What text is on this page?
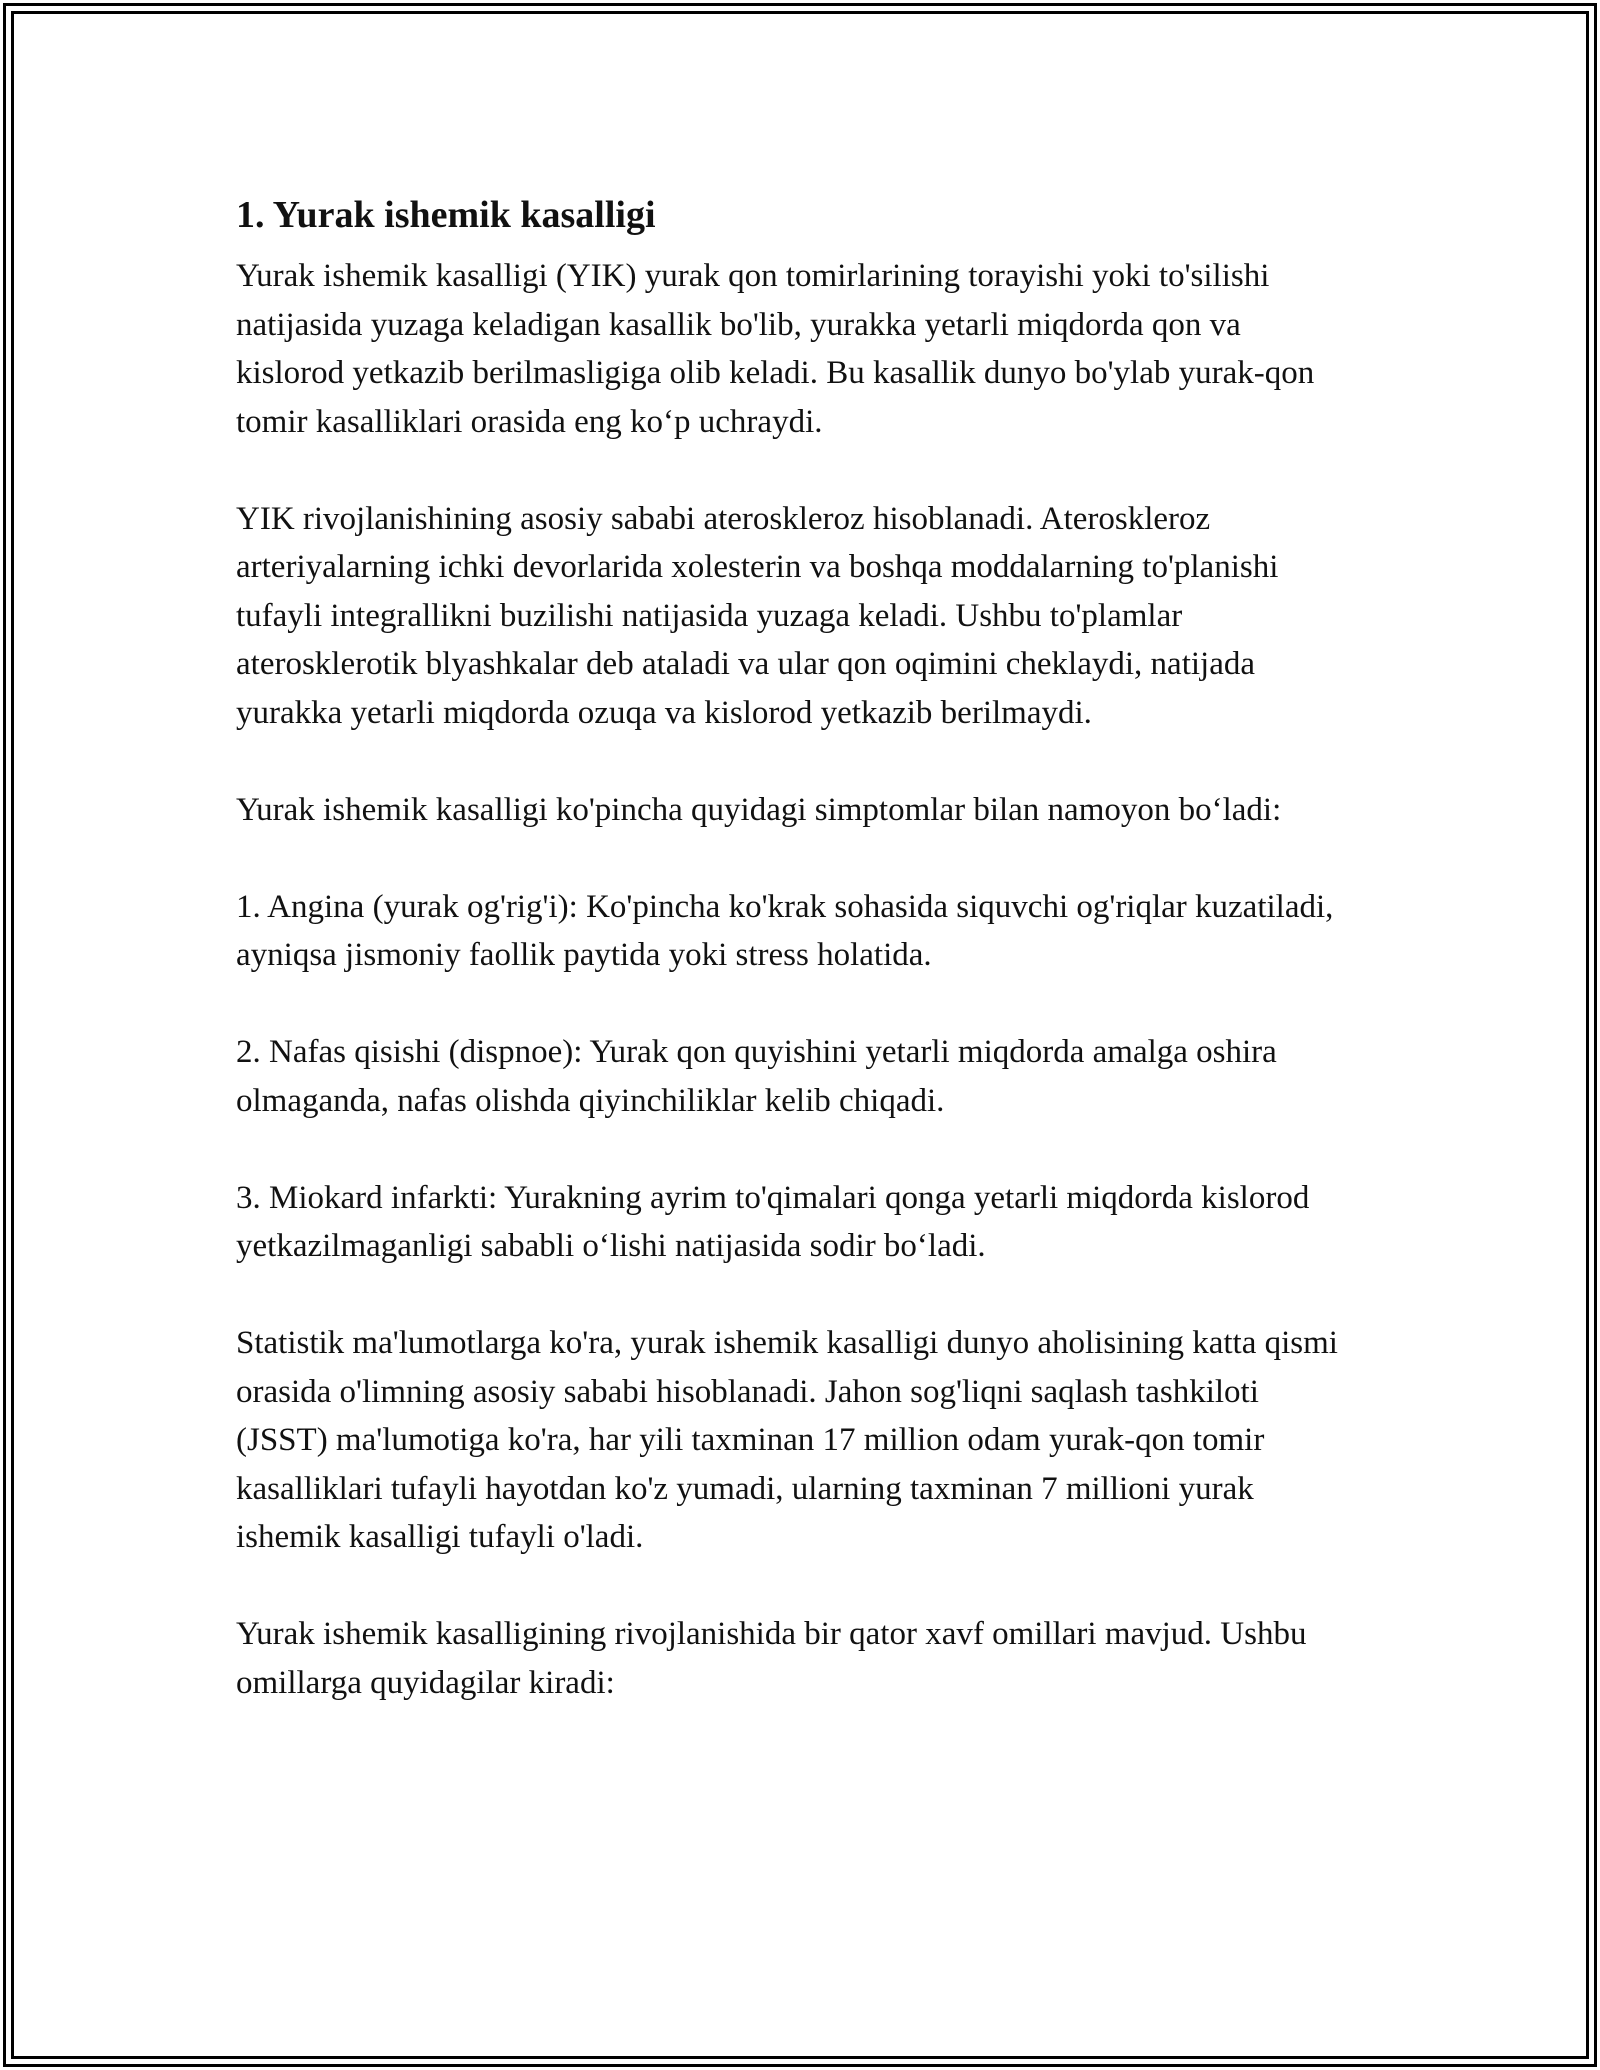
1. Yurak ishemik kasalligi

Yurak ishemik kasalligi (YIK) yurak qon tomirlarining torayishi yoki to'silishi natijasida yuzaga keladigan kasallik bo'lib, yurakka yetarli miqdorda qon va kislorod yetkazib berilmasligiga olib keladi. Bu kasallik dunyo bo'ylab yurak-qon tomir kasalliklari orasida eng ko‘p uchraydi.

YIK rivojlanishining asosiy sababi ateroskleroz hisoblanadi. Ateroskleroz arteriyalarning ichki devorlarida xolesterin va boshqa moddalarning to'planishi tufayli integrallikni buzilishi natijasida yuzaga keladi. Ushbu to'plamlar aterosklerotik blyashkalar deb ataladi va ular qon oqimini cheklaydi, natijada yurakka yetarli miqdorda ozuqa va kislorod yetkazib berilmaydi.

Yurak ishemik kasalligi ko'pincha quyidagi simptomlar bilan namoyon bo‘ladi:

1. Angina (yurak og'rig'i): Ko'pincha ko'krak sohasida siquvchi og'riqlar kuzatiladi, ayniqsa jismoniy faollik paytida yoki stress holatida.

2. Nafas qisishi (dispnoe): Yurak qon quyishini yetarli miqdorda amalga oshira olmaganda, nafas olishda qiyinchiliklar kelib chiqadi.

3. Miokard infarkti: Yurakning ayrim to'qimalari qonga yetarli miqdorda kislorod yetkazilmaganligi sababli o‘lishi natijasida sodir bo‘ladi.

Statistik ma'lumotlarga ko'ra, yurak ishemik kasalligi dunyo aholisining katta qismi orasida o'limning asosiy sababi hisoblanadi. Jahon sog'liqni saqlash tashkiloti (JSST) ma'lumotiga ko'ra, har yili taxminan 17 million odam yurak-qon tomir kasalliklari tufayli hayotdan ko'z yumadi, ularning taxminan 7 millioni yurak ishemik kasalligi tufayli o'ladi.

Yurak ishemik kasalligining rivojlanishida bir qator xavf omillari mavjud. Ushbu omillarga quyidagilar kiradi:
